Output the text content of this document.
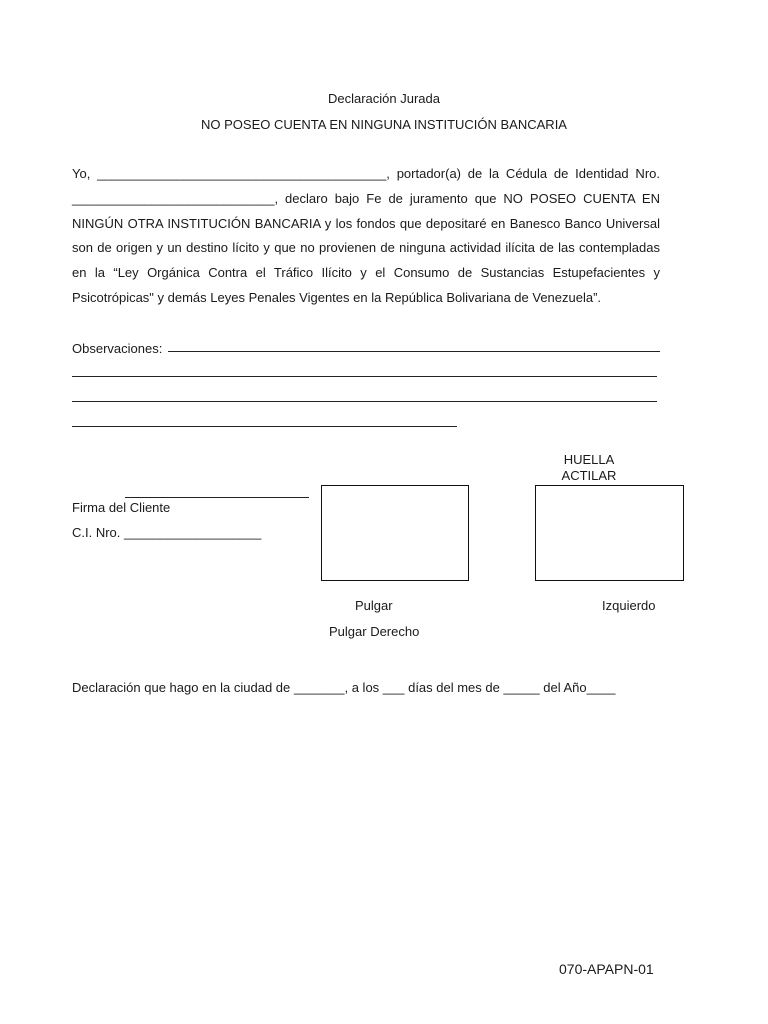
Declaración Jurada
NO POSEO CUENTA EN NINGUNA INSTITUCIÓN BANCARIA

Yo, ________________________________________, portador(a) de la Cédula de Identidad Nro. ____________________________, declaro bajo Fe de juramento que NO POSEO CUENTA EN NINGÚN OTRA INSTITUCIÓN BANCARIA y los fondos que depositaré en Banesco Banco Universal son de origen y un destino lícito y que no provienen de ninguna actividad ilícita de las contempladas en la “Ley Orgánica Contra el Tráfico Ilícito y el Consumo de Sustancias Estupefacientes y Psicotrópicas" y demás Leyes Penales Vigentes en la República Bolivariana de Venezuela”.

Observaciones:
HUELLA ACTILAR
Firma del Cliente
C.I. Nro. ___________________
Pulgar	Izquierdo
Pulgar Derecho
Declaración que hago en la ciudad de _______, a los ___ días del mes de _____ del Año____
070-APAPN-01
